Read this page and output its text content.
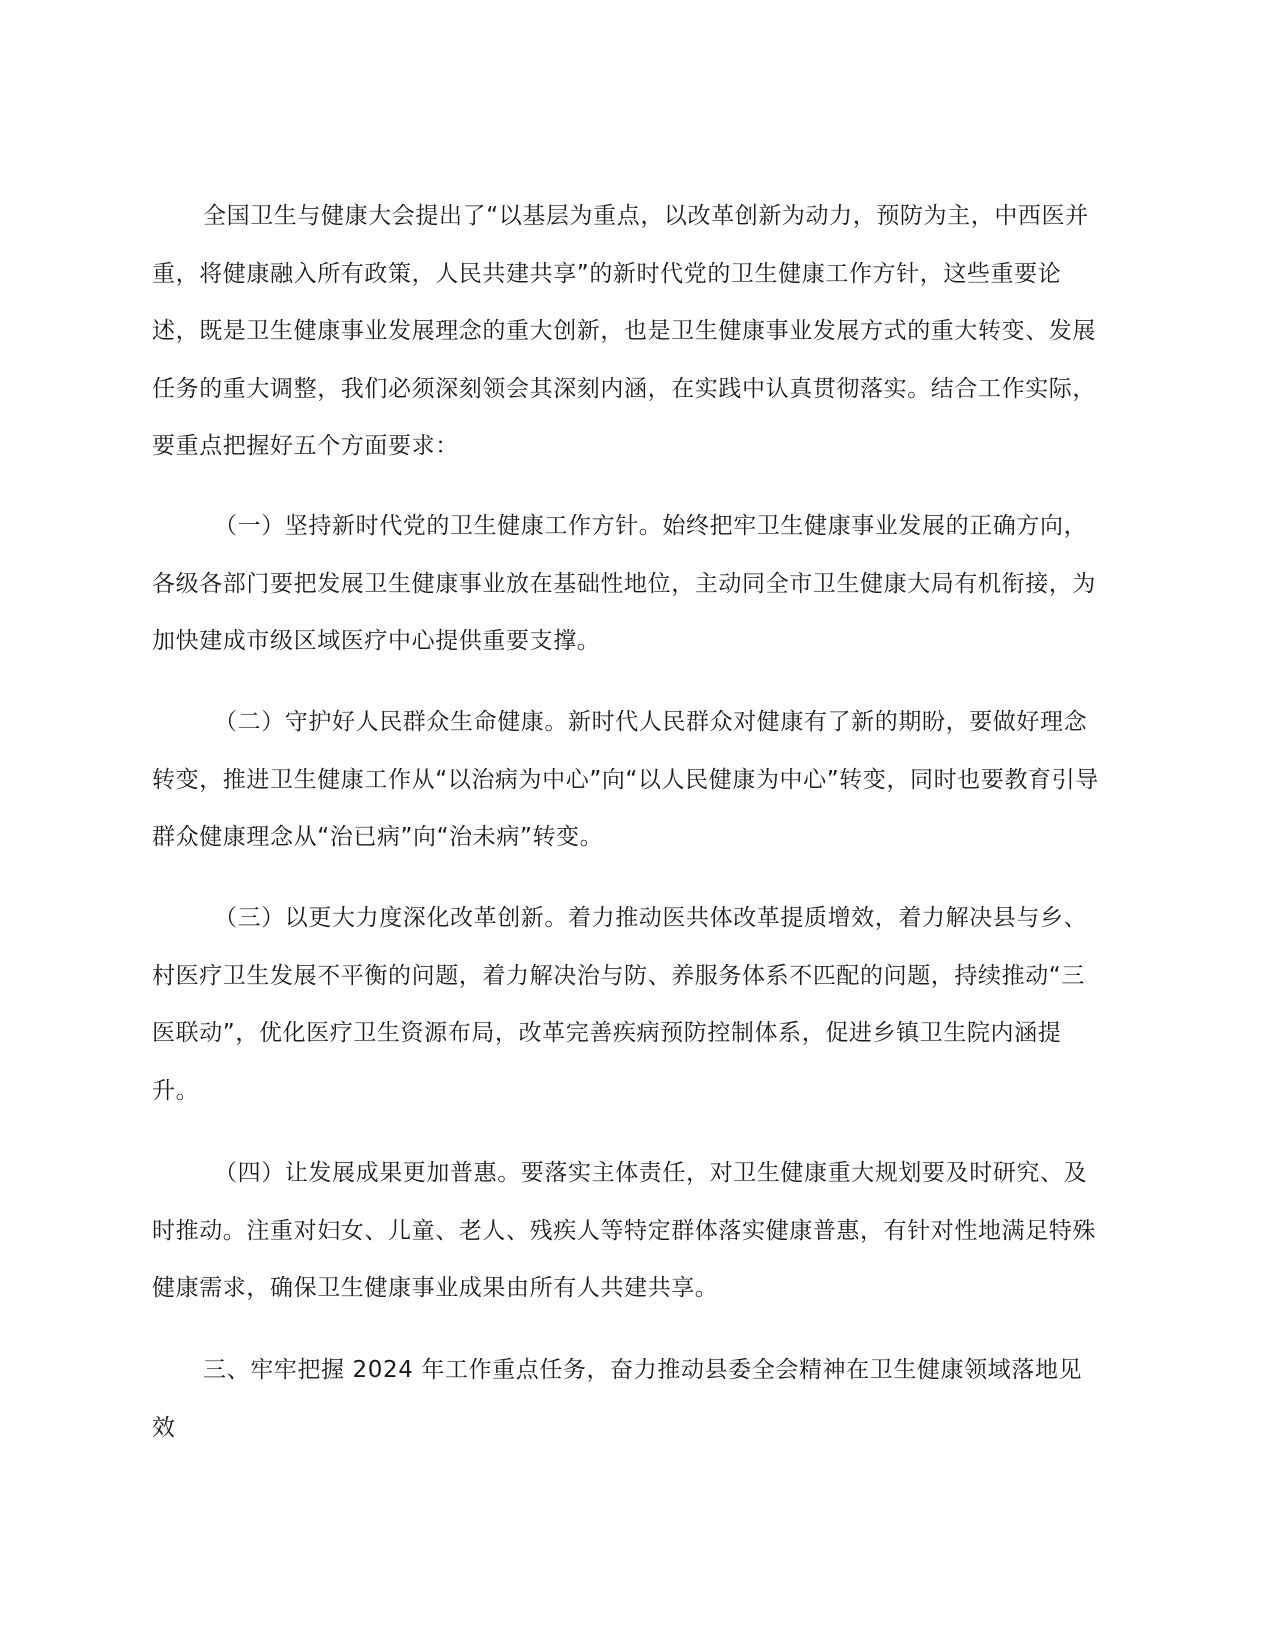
全国卫生与健康大会提出了“以基层为重点，以改革创新为动力，预防为主，中西医并重，将健康融入所有政策，人民共建共享”的新时代党的卫生健康工作方针，这些重要论述，既是卫生健康事业发展理念的重大创新，也是卫生健康事业发展方式的重大转变、发展任务的重大调整，我们必须深刻领会其深刻内涵，在实践中认真贯彻落实。结合工作实际，要重点把握好五个方面要求：

（一）坚持新时代党的卫生健康工作方针。始终把牢卫生健康事业发展的正确方向，各级各部门要把发展卫生健康事业放在基础性地位，主动同全市卫生健康大局有机衔接，为加快建成市级区域医疗中心提供重要支撑。

（二）守护好人民群众生命健康。新时代人民群众对健康有了新的期盼，要做好理念转变，推进卫生健康工作从“以治病为中心”向“以人民健康为中心”转变，同时也要教育引导群众健康理念从“治已病”向“治未病”转变。

（三）以更大力度深化改革创新。着力推动医共体改革提质增效，着力解决县与乡、村医疗卫生发展不平衡的问题，着力解决治与防、养服务体系不匹配的问题，持续推动“三医联动”，优化医疗卫生资源布局，改革完善疾病预防控制体系，促进乡镇卫生院内涵提升。

（四）让发展成果更加普惠。要落实主体责任，对卫生健康重大规划要及时研究、及时推动。注重对妇女、儿童、老人、残疾人等特定群体落实健康普惠，有针对性地满足特殊健康需求，确保卫生健康事业成果由所有人共建共享。

三、牢牢把握 2024 年工作重点任务，奋力推动县委全会精神在卫生健康领域落地见效
